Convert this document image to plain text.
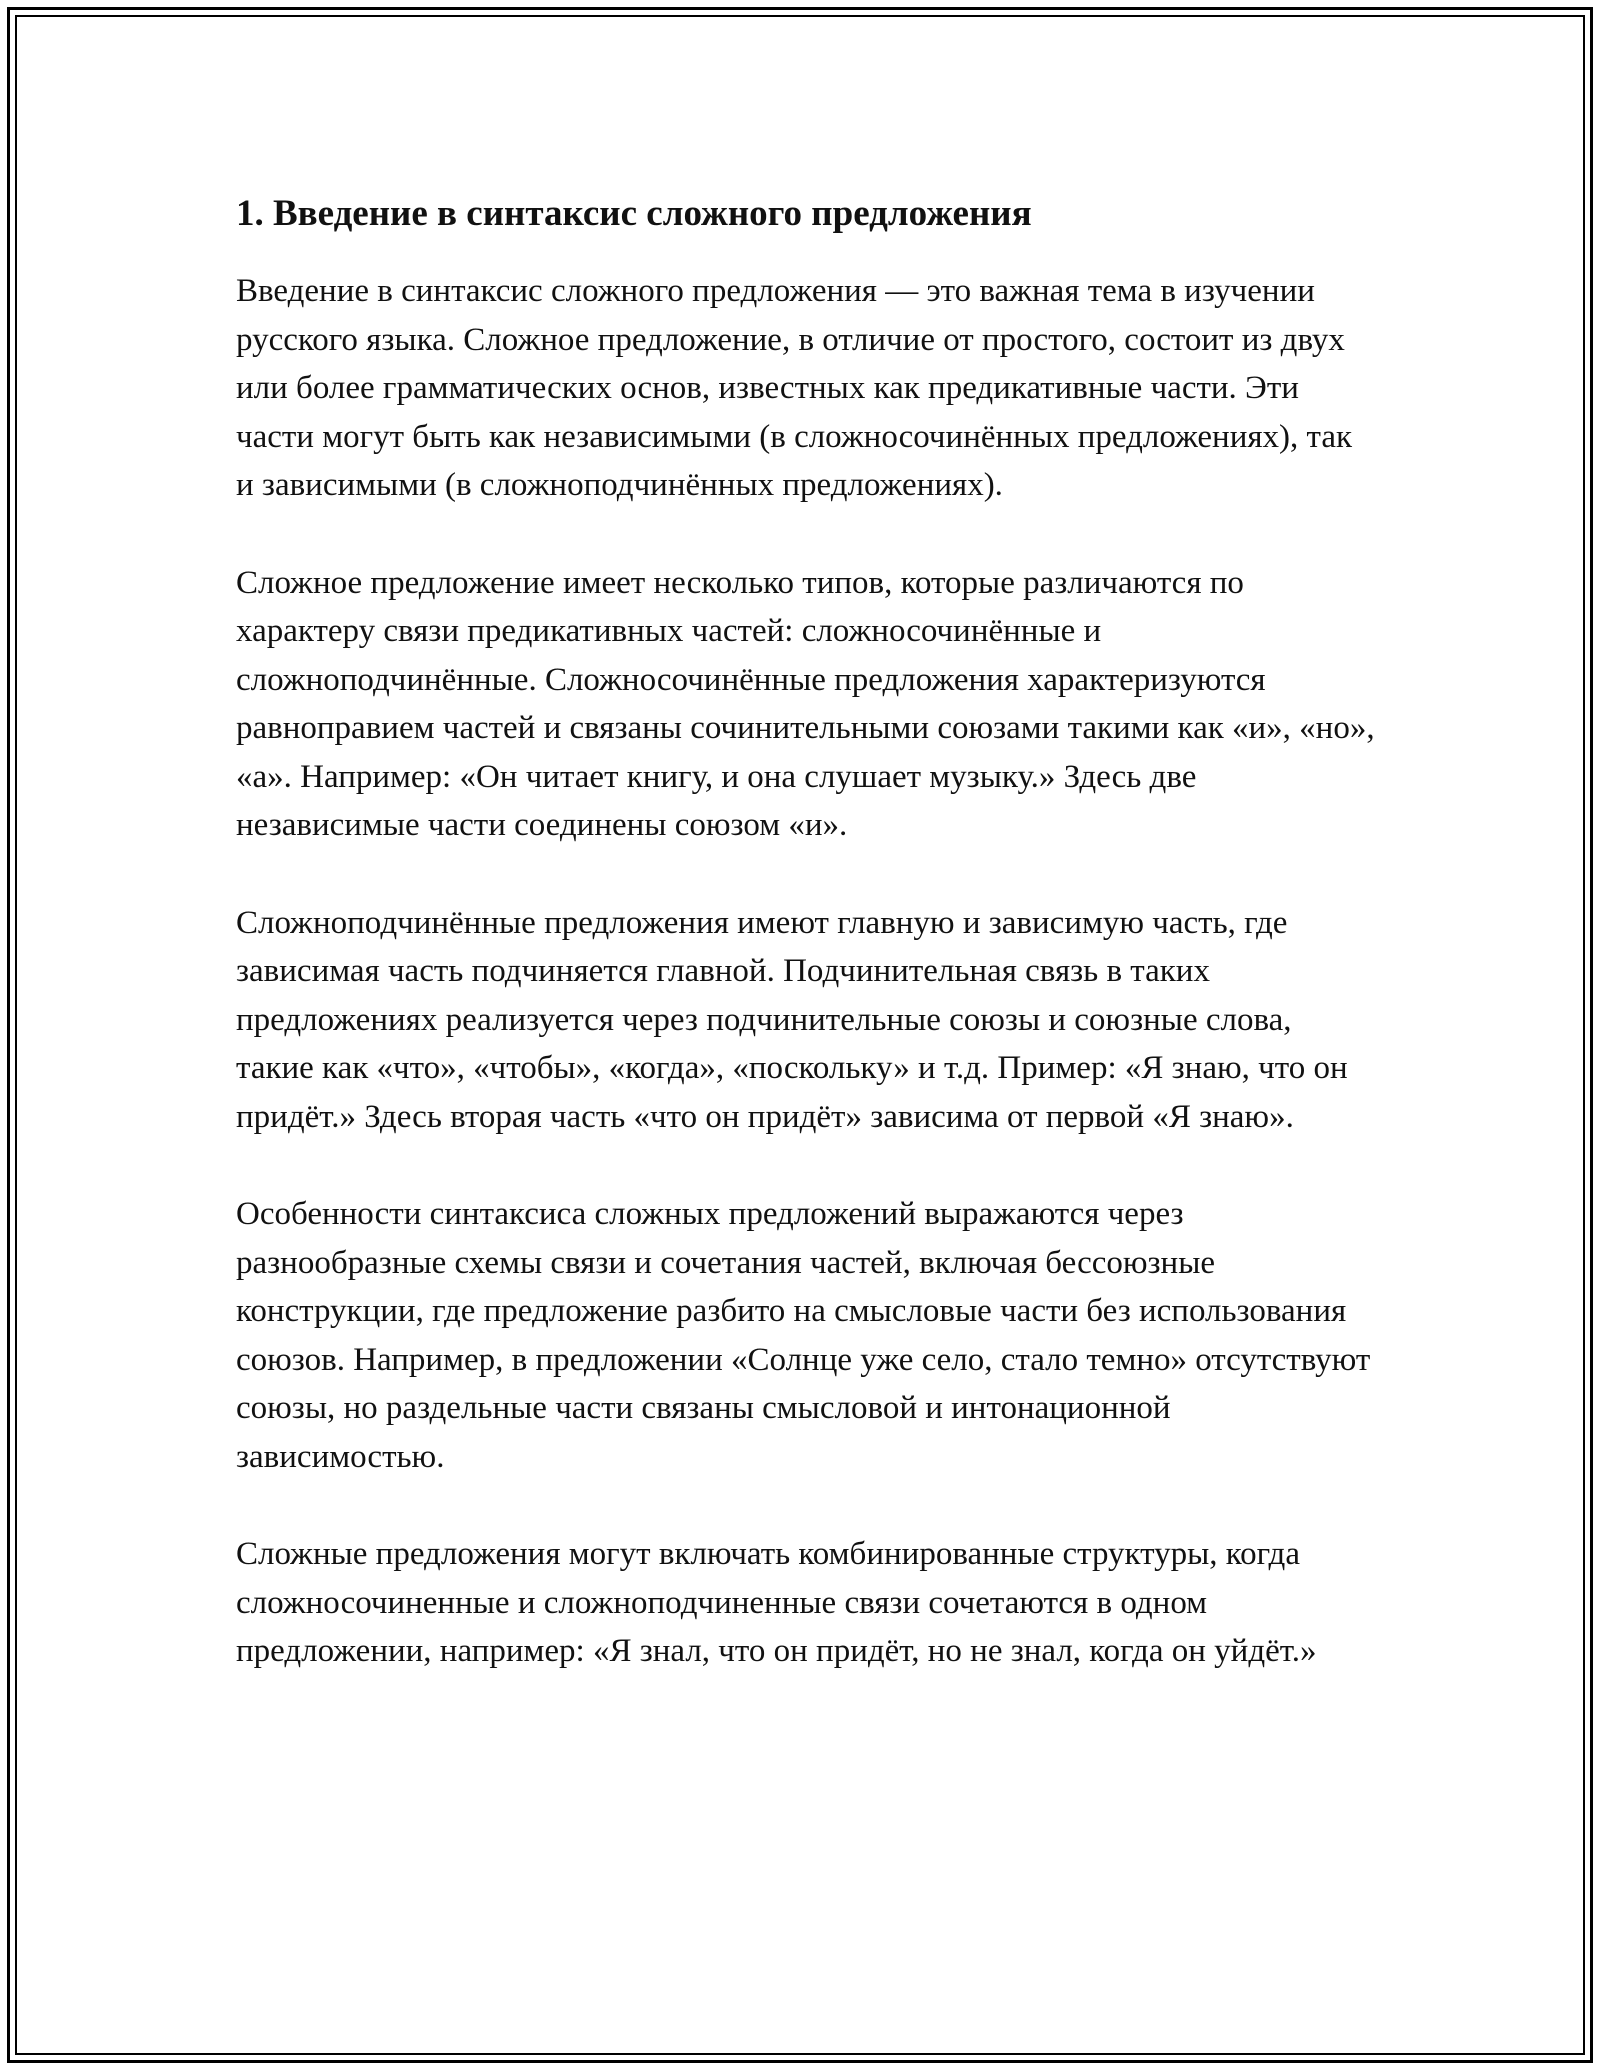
1. Введение в синтаксис сложного предложения

Введение в синтаксис сложного предложения — это важная тема в изучении русского языка. Сложное предложение, в отличие от простого, состоит из двух или более грамматических основ, известных как предикативные части. Эти части могут быть как независимыми (в сложносочинённых предложениях), так и зависимыми (в сложноподчинённых предложениях).

Сложное предложение имеет несколько типов, которые различаются по характеру связи предикативных частей: сложносочинённые и сложноподчинённые. Сложносочинённые предложения характеризуются равноправием частей и связаны сочинительными союзами такими как «и», «но», «а». Например: «Он читает книгу, и она слушает музыку.» Здесь две независимые части соединены союзом «и».

Сложноподчинённые предложения имеют главную и зависимую часть, где зависимая часть подчиняется главной. Подчинительная связь в таких предложениях реализуется через подчинительные союзы и союзные слова, такие как «что», «чтобы», «когда», «поскольку» и т.д. Пример: «Я знаю, что он придёт.» Здесь вторая часть «что он придёт» зависима от первой «Я знаю».

Особенности синтаксиса сложных предложений выражаются через разнообразные схемы связи и сочетания частей, включая бессоюзные конструкции, где предложение разбито на смысловые части без использования союзов. Например, в предложении «Солнце уже село, стало темно» отсутствуют союзы, но раздельные части связаны смысловой и интонационной зависимостью.

Сложные предложения могут включать комбинированные структуры, когда сложносочиненные и сложноподчиненные связи сочетаются в одном предложении, например: «Я знал, что он придёт, но не знал, когда он уйдёт.»
